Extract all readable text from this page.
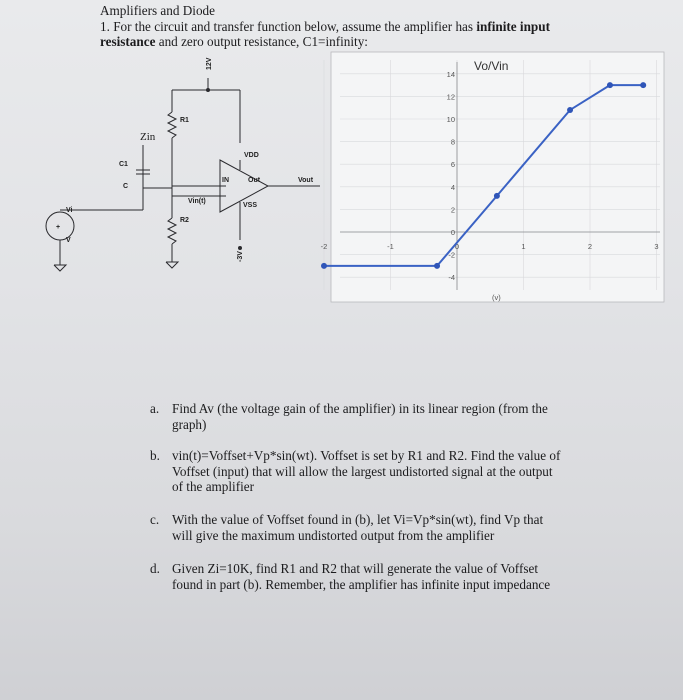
Amplifiers and Diode
1. For the circuit and transfer function below, assume the amplifier has infinite input
resistance and zero output resistance, C1=infinity:
+
12V
-3V
R1
R2
Zin
C1
C
Vin(t)
Vi
V
IN	Out
VDD
VSS
Vout
14
12
10
8
6
4
2
0
-2
-4
-2	-1	0	1	2	3
Vo/Vin
(v)
a. Find Av (the voltage gain of the amplifier) in its linear region (from the
graph)
b. vin(t)=Voffset+Vp*sin(wt). Voffset is set by R1 and R2. Find the value of
Voffset (input) that will allow the largest undistorted signal at the output
of the amplifier
c. With the value of Voffset found in (b), let Vi=Vp*sin(wt), find Vp that
will give the maximum undistorted output from the amplifier
d. Given Zi=10K, find R1 and R2 that will generate the value of Voffset
found in part (b). Remember, the amplifier has infinite input impedance
